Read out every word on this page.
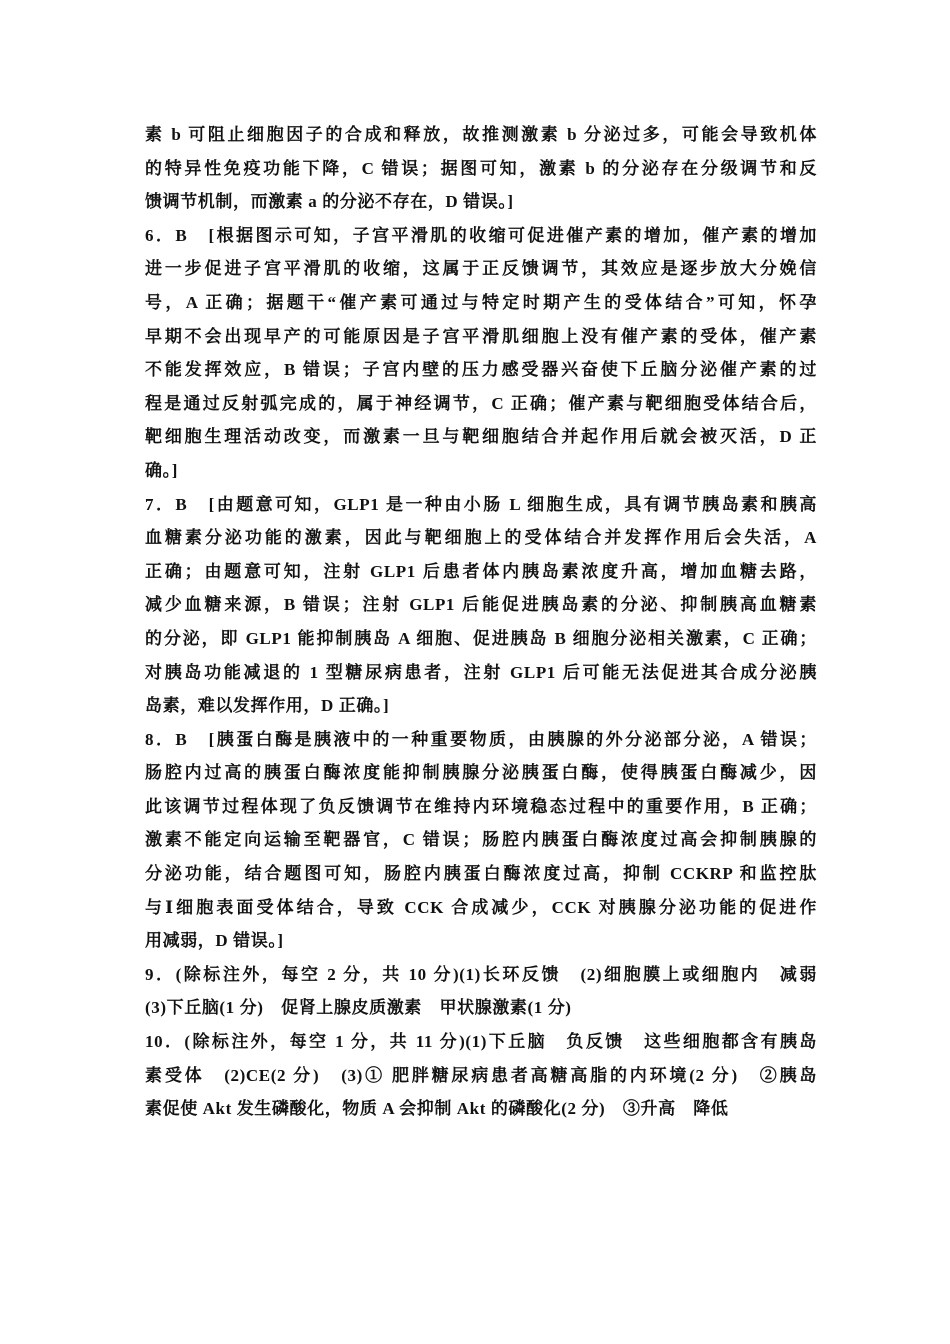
素 b 可阻止细胞因子的合成和释放，故推测激素 b 分泌过多，可能会导致机体
的特异性免疫功能下降，C 错误；据图可知，激素 b 的分泌存在分级调节和反
馈调节机制，而激素 a 的分泌不存在，D 错误。]
6．B　[根据图示可知，子宫平滑肌的收缩可促进催产素的增加，催产素的增加
进一步促进子宫平滑肌的收缩，这属于正反馈调节，其效应是逐步放大分娩信
号，A 正确；据题干“催产素可通过与特定时期产生的受体结合”可知，怀孕
早期不会出现早产的可能原因是子宫平滑肌细胞上没有催产素的受体，催产素
不能发挥效应，B 错误；子宫内壁的压力感受器兴奋使下丘脑分泌催产素的过
程是通过反射弧完成的，属于神经调节，C 正确；催产素与靶细胞受体结合后，
靶细胞生理活动改变，而激素一旦与靶细胞结合并起作用后就会被灭活，D 正
确。]
7．B　[由题意可知，GLP1 是一种由小肠 L 细胞生成，具有调节胰岛素和胰高
血糖素分泌功能的激素，因此与靶细胞上的受体结合并发挥作用后会失活，A
正确；由题意可知，注射 GLP1 后患者体内胰岛素浓度升高，增加血糖去路，
减少血糖来源，B 错误；注射 GLP1 后能促进胰岛素的分泌、抑制胰高血糖素
的分泌，即 GLP1 能抑制胰岛 A 细胞、促进胰岛 B 细胞分泌相关激素，C 正确；
对胰岛功能减退的 1 型糖尿病患者，注射 GLP1 后可能无法促进其合成分泌胰
岛素，难以发挥作用，D 正确。]
8．B　[胰蛋白酶是胰液中的一种重要物质，由胰腺的外分泌部分泌，A 错误；
肠腔内过高的胰蛋白酶浓度能抑制胰腺分泌胰蛋白酶，使得胰蛋白酶减少，因
此该调节过程体现了负反馈调节在维持内环境稳态过程中的重要作用，B 正确；
激素不能定向运输至靶器官，C 错误；肠腔内胰蛋白酶浓度过高会抑制胰腺的
分泌功能，结合题图可知，肠腔内胰蛋白酶浓度过高，抑制 CCKRP 和监控肽
与Ⅰ细胞表面受体结合，导致 CCK 合成减少，CCK 对胰腺分泌功能的促进作
用减弱，D 错误。]
9．(除标注外，每空 2 分，共 10 分)(1)长环反馈　(2)细胞膜上或细胞内　减弱
(3)下丘脑(1 分)　促肾上腺皮质激素　甲状腺激素(1 分)
10．(除标注外，每空 1 分，共 11 分)(1)下丘脑　负反馈　这些细胞都含有胰岛
素受体　(2)CE(2 分)　(3)① 肥胖糖尿病患者高糖高脂的内环境(2 分)　②胰岛
素促使 Akt 发生磷酸化，物质 A 会抑制 Akt 的磷酸化(2 分)　③升高　降低
